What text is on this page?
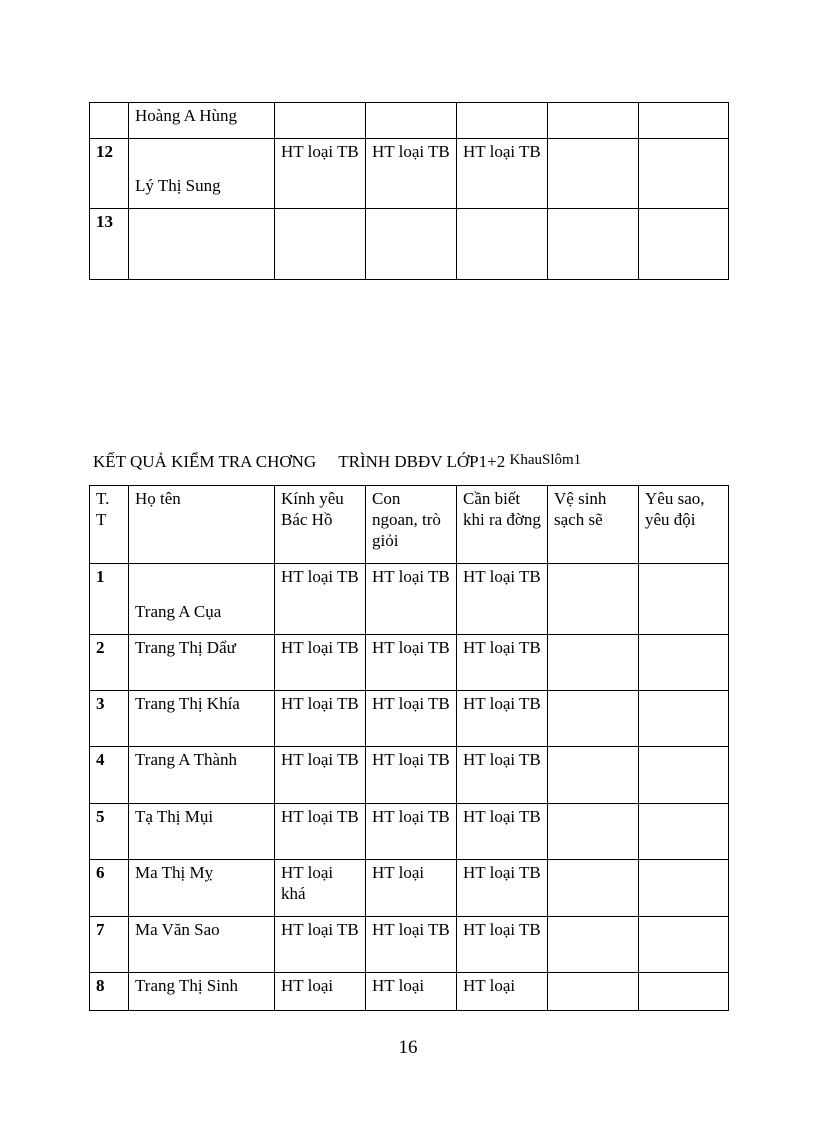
	Hoàng A Hùng					
12	Lý Thị Sung	HT loại TB	HT loại TB	HT loại TB		
13						
KẾT QUẢ KIỂM TRA CHƠNG TRÌNH DBĐV LỚP1+2 KhauSlôm1
T. T	Họ tên	Kính yêu Bác Hồ	Con ngoan, trò giỏi	Cần biết khi ra đờng	Vệ sinh sạch sẽ	Yêu sao, yêu đội
1	Trang A Cụa	HT loại TB	HT loại TB	HT loại TB		
2	Trang Thị Dẩư	HT loại TB	HT loại TB	HT loại TB		
3	Trang Thị Khía	HT loại TB	HT loại TB	HT loại TB		
4	Trang A Thành	HT loại TB	HT loại TB	HT loại TB		
5	Tạ Thị Mụi	HT loại TB	HT loại TB	HT loại TB		
6	Ma Thị Mỵ	HT loại khá	HT loại	HT loại TB		
7	Ma Văn Sao	HT loại TB	HT loại TB	HT loại TB		
8	Trang Thị Sinh	HT loại	HT loại	HT loại		
16
